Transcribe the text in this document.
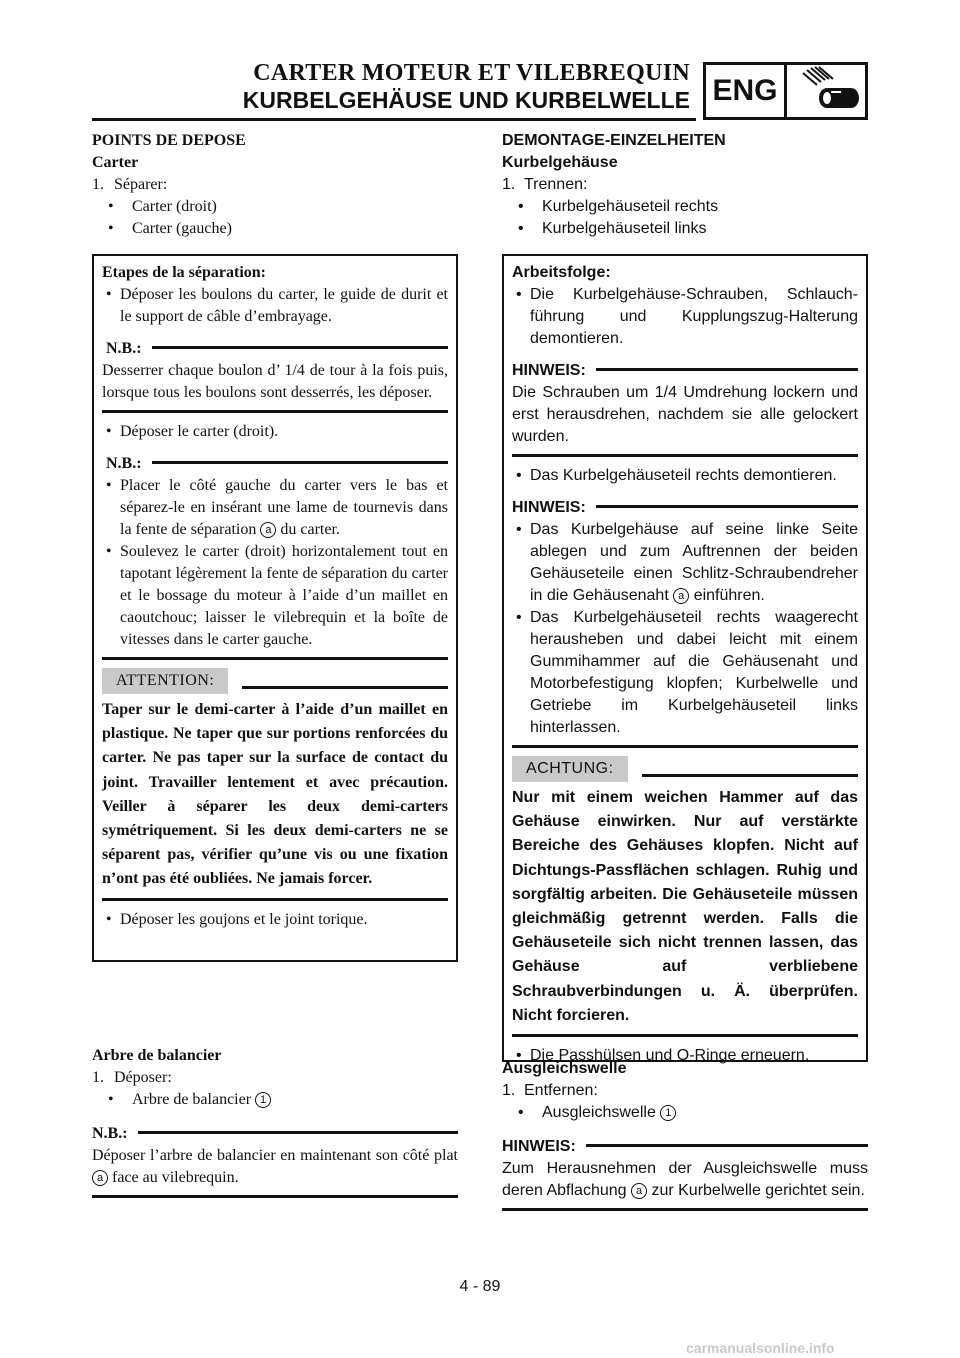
CARTER MOTEUR ET VILEBREQUIN
KURBELGEHÄUSE UND KURBELWELLE ENG
POINTS DE DEPOSE
Carter
1. Séparer:
• Carter (droit)
• Carter (gauche)
Etapes de la séparation:
• Déposer les boulons du carter, le guide de durit et le support de câble d’embrayage.
N.B.:
Desserrer chaque boulon d’ 1/4 de tour à la fois puis, lorsque tous les boulons sont desserrés, les déposer.
• Déposer le carter (droit).
N.B.:
• Placer le côté gauche du carter vers le bas et séparez-le en insérant une lame de tournevis dans la fente de séparation a du carter.
• Soulevez le carter (droit) horizontalement tout en tapotant légèrement la fente de séparation du carter et le bossage du moteur à l’aide d’un maillet en caoutchouc; laisser le vilebrequin et la boîte de vitesses dans le carter gauche.
ATTENTION:
Taper sur le demi-carter à l’aide d’un maillet en plastique. Ne taper que sur portions renforcées du carter. Ne pas taper sur la surface de contact du joint. Travailler lentement et avec précaution. Veiller à séparer les deux demi-carters symétriquement. Si les deux demi-carters ne se séparent pas, vérifier qu’une vis ou une fixation n’ont pas été oubliées. Ne jamais forcer.
• Déposer les goujons et le joint torique.
Arbre de balancier
1. Déposer:
• Arbre de balancier 1
N.B.:
Déposer l’arbre de balancier en maintenant son côté plat a face au vilebrequin.
DEMONTAGE-EINZELHEITEN
Kurbelgehäuse
1. Trennen:
• Kurbelgehäuseteil rechts
• Kurbelgehäuseteil links
Arbeitsfolge:
• Die Kurbelgehäuse-Schrauben, Schlauchführung und Kupplungszug-Halterung demontieren.
HINWEIS:
Die Schrauben um 1/4 Umdrehung lockern und erst herausdrehen, nachdem sie alle gelockert wurden.
• Das Kurbelgehäuseteil rechts demontieren.
HINWEIS:
• Das Kurbelgehäuse auf seine linke Seite ablegen und zum Auftrennen der beiden Gehäuseteile einen Schlitz-Schraubendreher in die Gehäusenaht a einführen.
• Das Kurbelgehäuseteil rechts waagerecht herausheben und dabei leicht mit einem Gummihammer auf die Gehäusenaht und Motorbefestigung klopfen; Kurbelwelle und Getriebe im Kurbelgehäuseteil links hinterlassen.
ACHTUNG:
Nur mit einem weichen Hammer auf das Gehäuse einwirken. Nur auf verstärkte Bereiche des Gehäuses klopfen. Nicht auf Dichtungs-Passflächen schlagen. Ruhig und sorgfältig arbeiten. Die Gehäuseteile müssen gleichmäßig getrennt werden. Falls die Gehäuseteile sich nicht trennen lassen, das Gehäuse auf verbliebene Schraubverbindungen u. Ä. überprüfen. Nicht forcieren.
• Die Passhülsen und O-Ringe erneuern.
Ausgleichswelle
1. Entfernen:
• Ausgleichswelle 1
HINWEIS:
Zum Herausnehmen der Ausgleichswelle muss deren Abflachung a zur Kurbelwelle gerichtet sein.
4 - 89
carmanualsonline.info
